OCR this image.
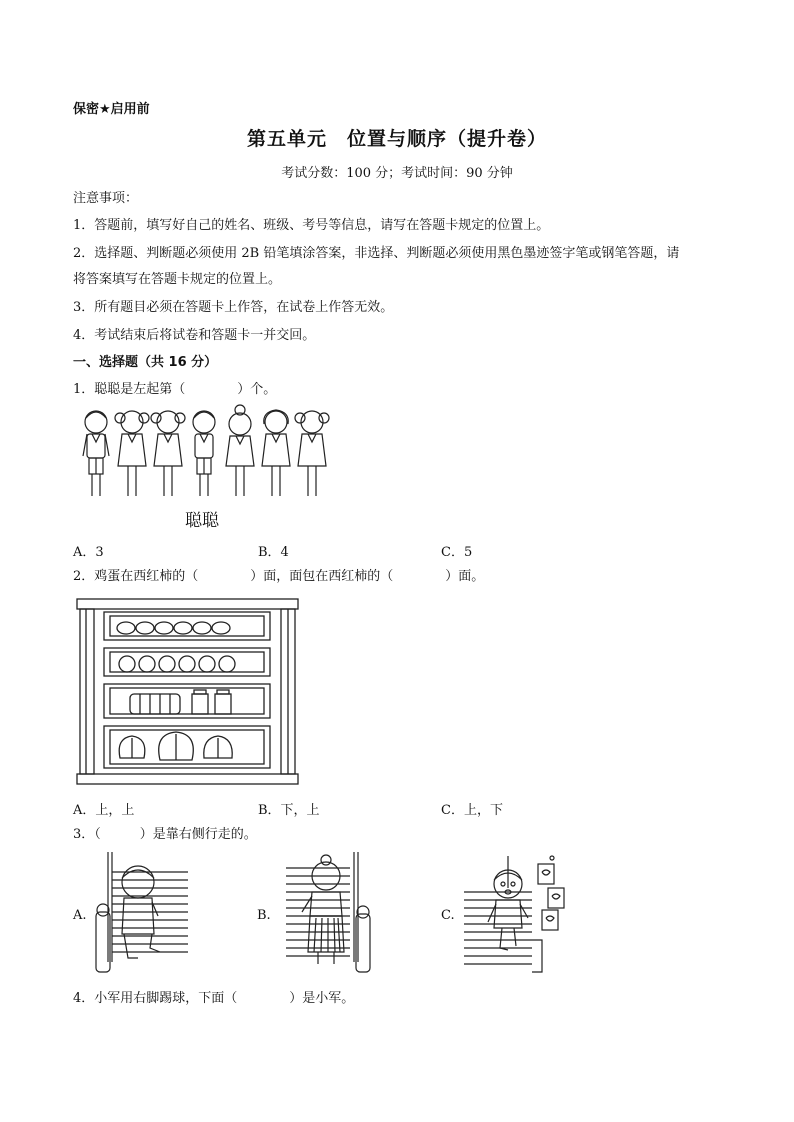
保密★启用前
第五单元　位置与顺序（提升卷）
考试分数：100 分；考试时间：90 分钟
注意事项：
1．答题前，填写好自己的姓名、班级、考号等信息，请写在答题卡规定的位置上。
2．选择题、判断题必须使用 2B 铅笔填涂答案，非选择、判断题必须使用黑色墨迹签字笔或钢笔答题，请
将答案填写在答题卡规定的位置上。
3．所有题目必须在答题卡上作答，在试卷上作答无效。
4．考试结束后将试卷和答题卡一并交回。
一、选择题（共 16 分）
1．聪聪是左起第（　　　　）个。
聪聪
A．3	B．4	C．5
2．鸡蛋在西红柿的（　　　　）面，面包在西红柿的（　　　　）面。
A．上，上	B．下，上	C．上，下
3．（　　　）是靠右侧行走的。
A.	B.	C.
4．小军用右脚踢球，下面（　　　　）是小军。
